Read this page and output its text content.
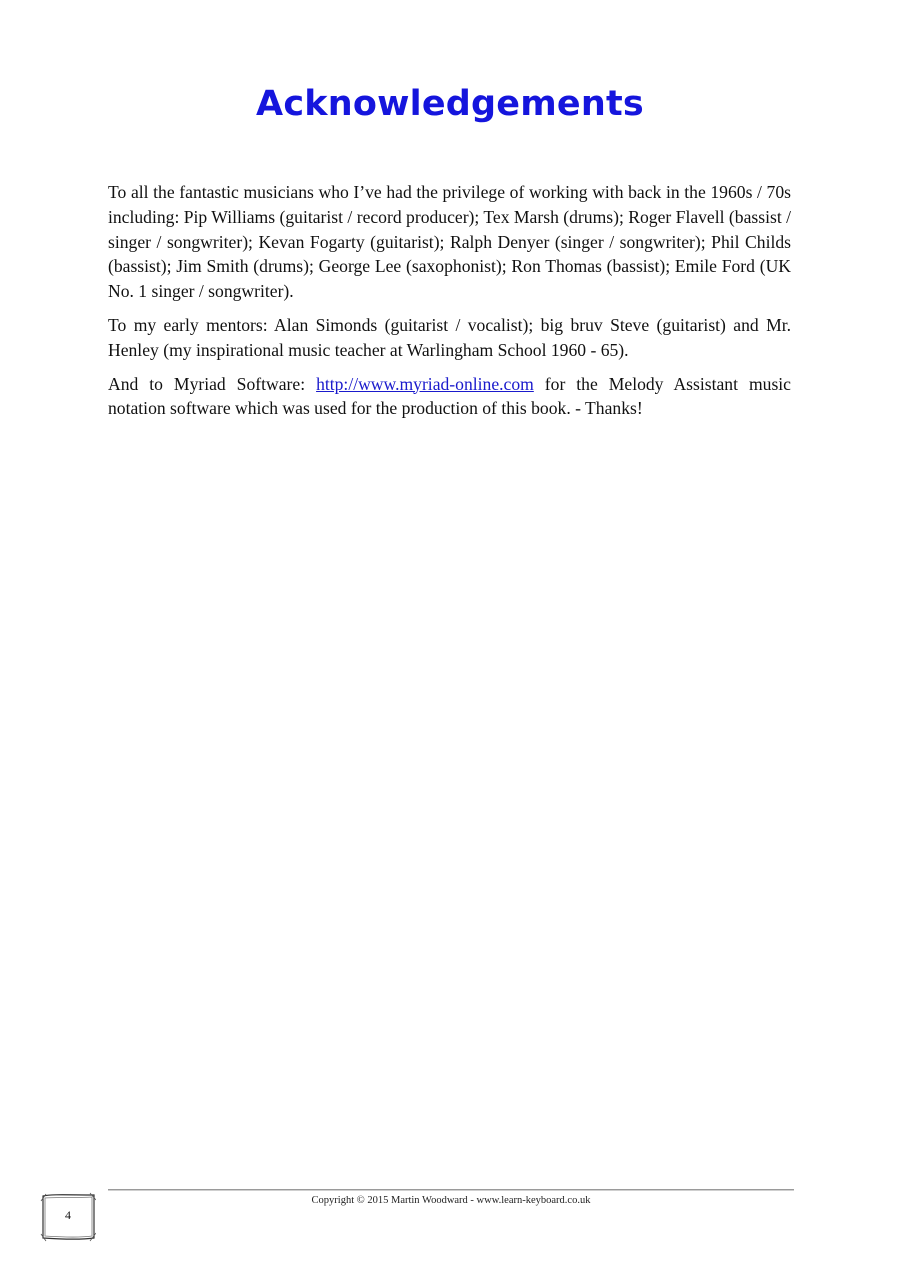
Acknowledgements

To all the fantastic musicians who I’ve had the privilege of working with back in the 1960s / 70s including: Pip Williams (guitarist / record producer); Tex Marsh (drums); Roger Flavell (bassist / singer / songwriter); Kevan Fogarty (guitarist); Ralph Denyer (singer / songwriter); Phil Childs (bassist); Jim Smith (drums); George Lee (saxophonist); Ron Thomas (bassist); Emile Ford (UK No. 1 singer / songwriter).

To my early mentors: Alan Simonds (guitarist / vocalist); big bruv Steve (guitarist) and Mr. Henley (my inspirational music teacher at Warlingham School 1960 - 65).

And to Myriad Software: http://www.myriad-online.com for the Melody Assistant music notation software which was used for the production of this book. - Thanks!

Copyright © 2015 Martin Woodward - www.learn-keyboard.co.uk
4
